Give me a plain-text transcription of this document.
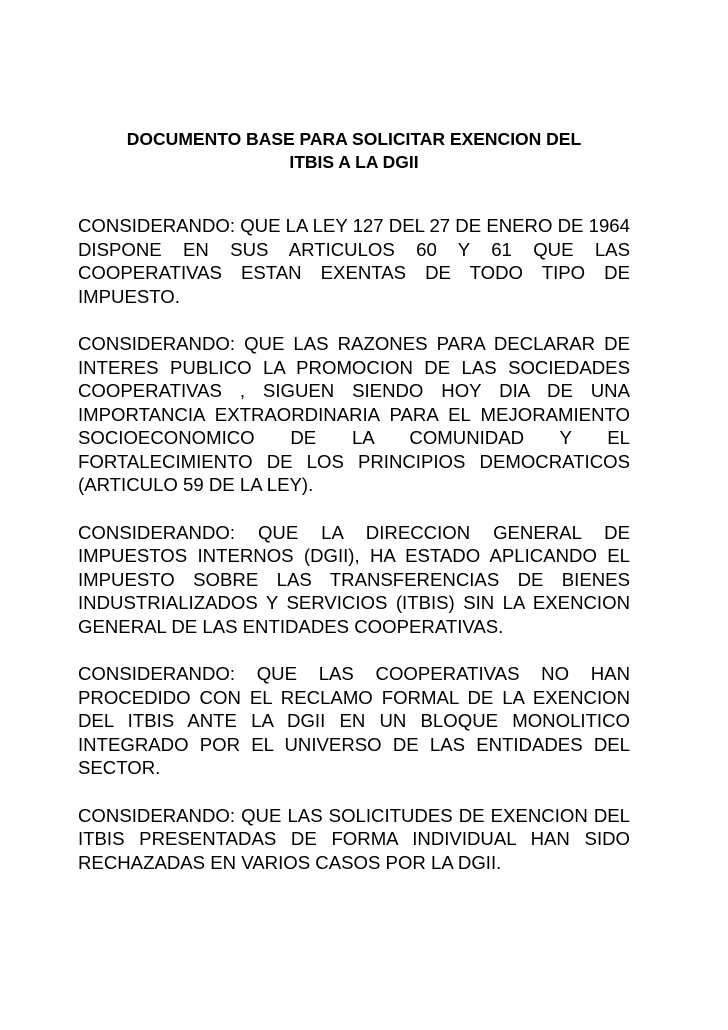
DOCUMENTO BASE PARA SOLICITAR EXENCION DEL
ITBIS A LA DGII

CONSIDERANDO: QUE LA LEY 127 DEL 27 DE ENERO DE 1964 DISPONE EN SUS ARTICULOS 60 Y 61 QUE LAS COOPERATIVAS ESTAN EXENTAS DE TODO TIPO DE IMPUESTO.

CONSIDERANDO: QUE LAS RAZONES PARA DECLARAR DE INTERES PUBLICO LA PROMOCION DE LAS SOCIEDADES COOPERATIVAS , SIGUEN SIENDO HOY DIA DE UNA IMPORTANCIA EXTRAORDINARIA PARA EL MEJORAMIENTO SOCIOECONOMICO DE LA COMUNIDAD Y EL FORTALECIMIENTO DE LOS PRINCIPIOS DEMOCRATICOS (ARTICULO 59 DE LA LEY).

CONSIDERANDO: QUE LA DIRECCION GENERAL DE IMPUESTOS INTERNOS (DGII), HA ESTADO APLICANDO EL IMPUESTO SOBRE LAS TRANSFERENCIAS DE BIENES INDUSTRIALIZADOS Y SERVICIOS (ITBIS) SIN LA EXENCION GENERAL DE LAS ENTIDADES COOPERATIVAS.

CONSIDERANDO: QUE LAS COOPERATIVAS NO HAN PROCEDIDO CON EL RECLAMO FORMAL DE LA EXENCION DEL ITBIS ANTE LA DGII EN UN BLOQUE MONOLITICO INTEGRADO POR EL UNIVERSO DE LAS ENTIDADES DEL SECTOR.

CONSIDERANDO: QUE LAS SOLICITUDES DE EXENCION DEL ITBIS PRESENTADAS DE FORMA INDIVIDUAL HAN SIDO RECHAZADAS EN VARIOS CASOS POR LA DGII.
